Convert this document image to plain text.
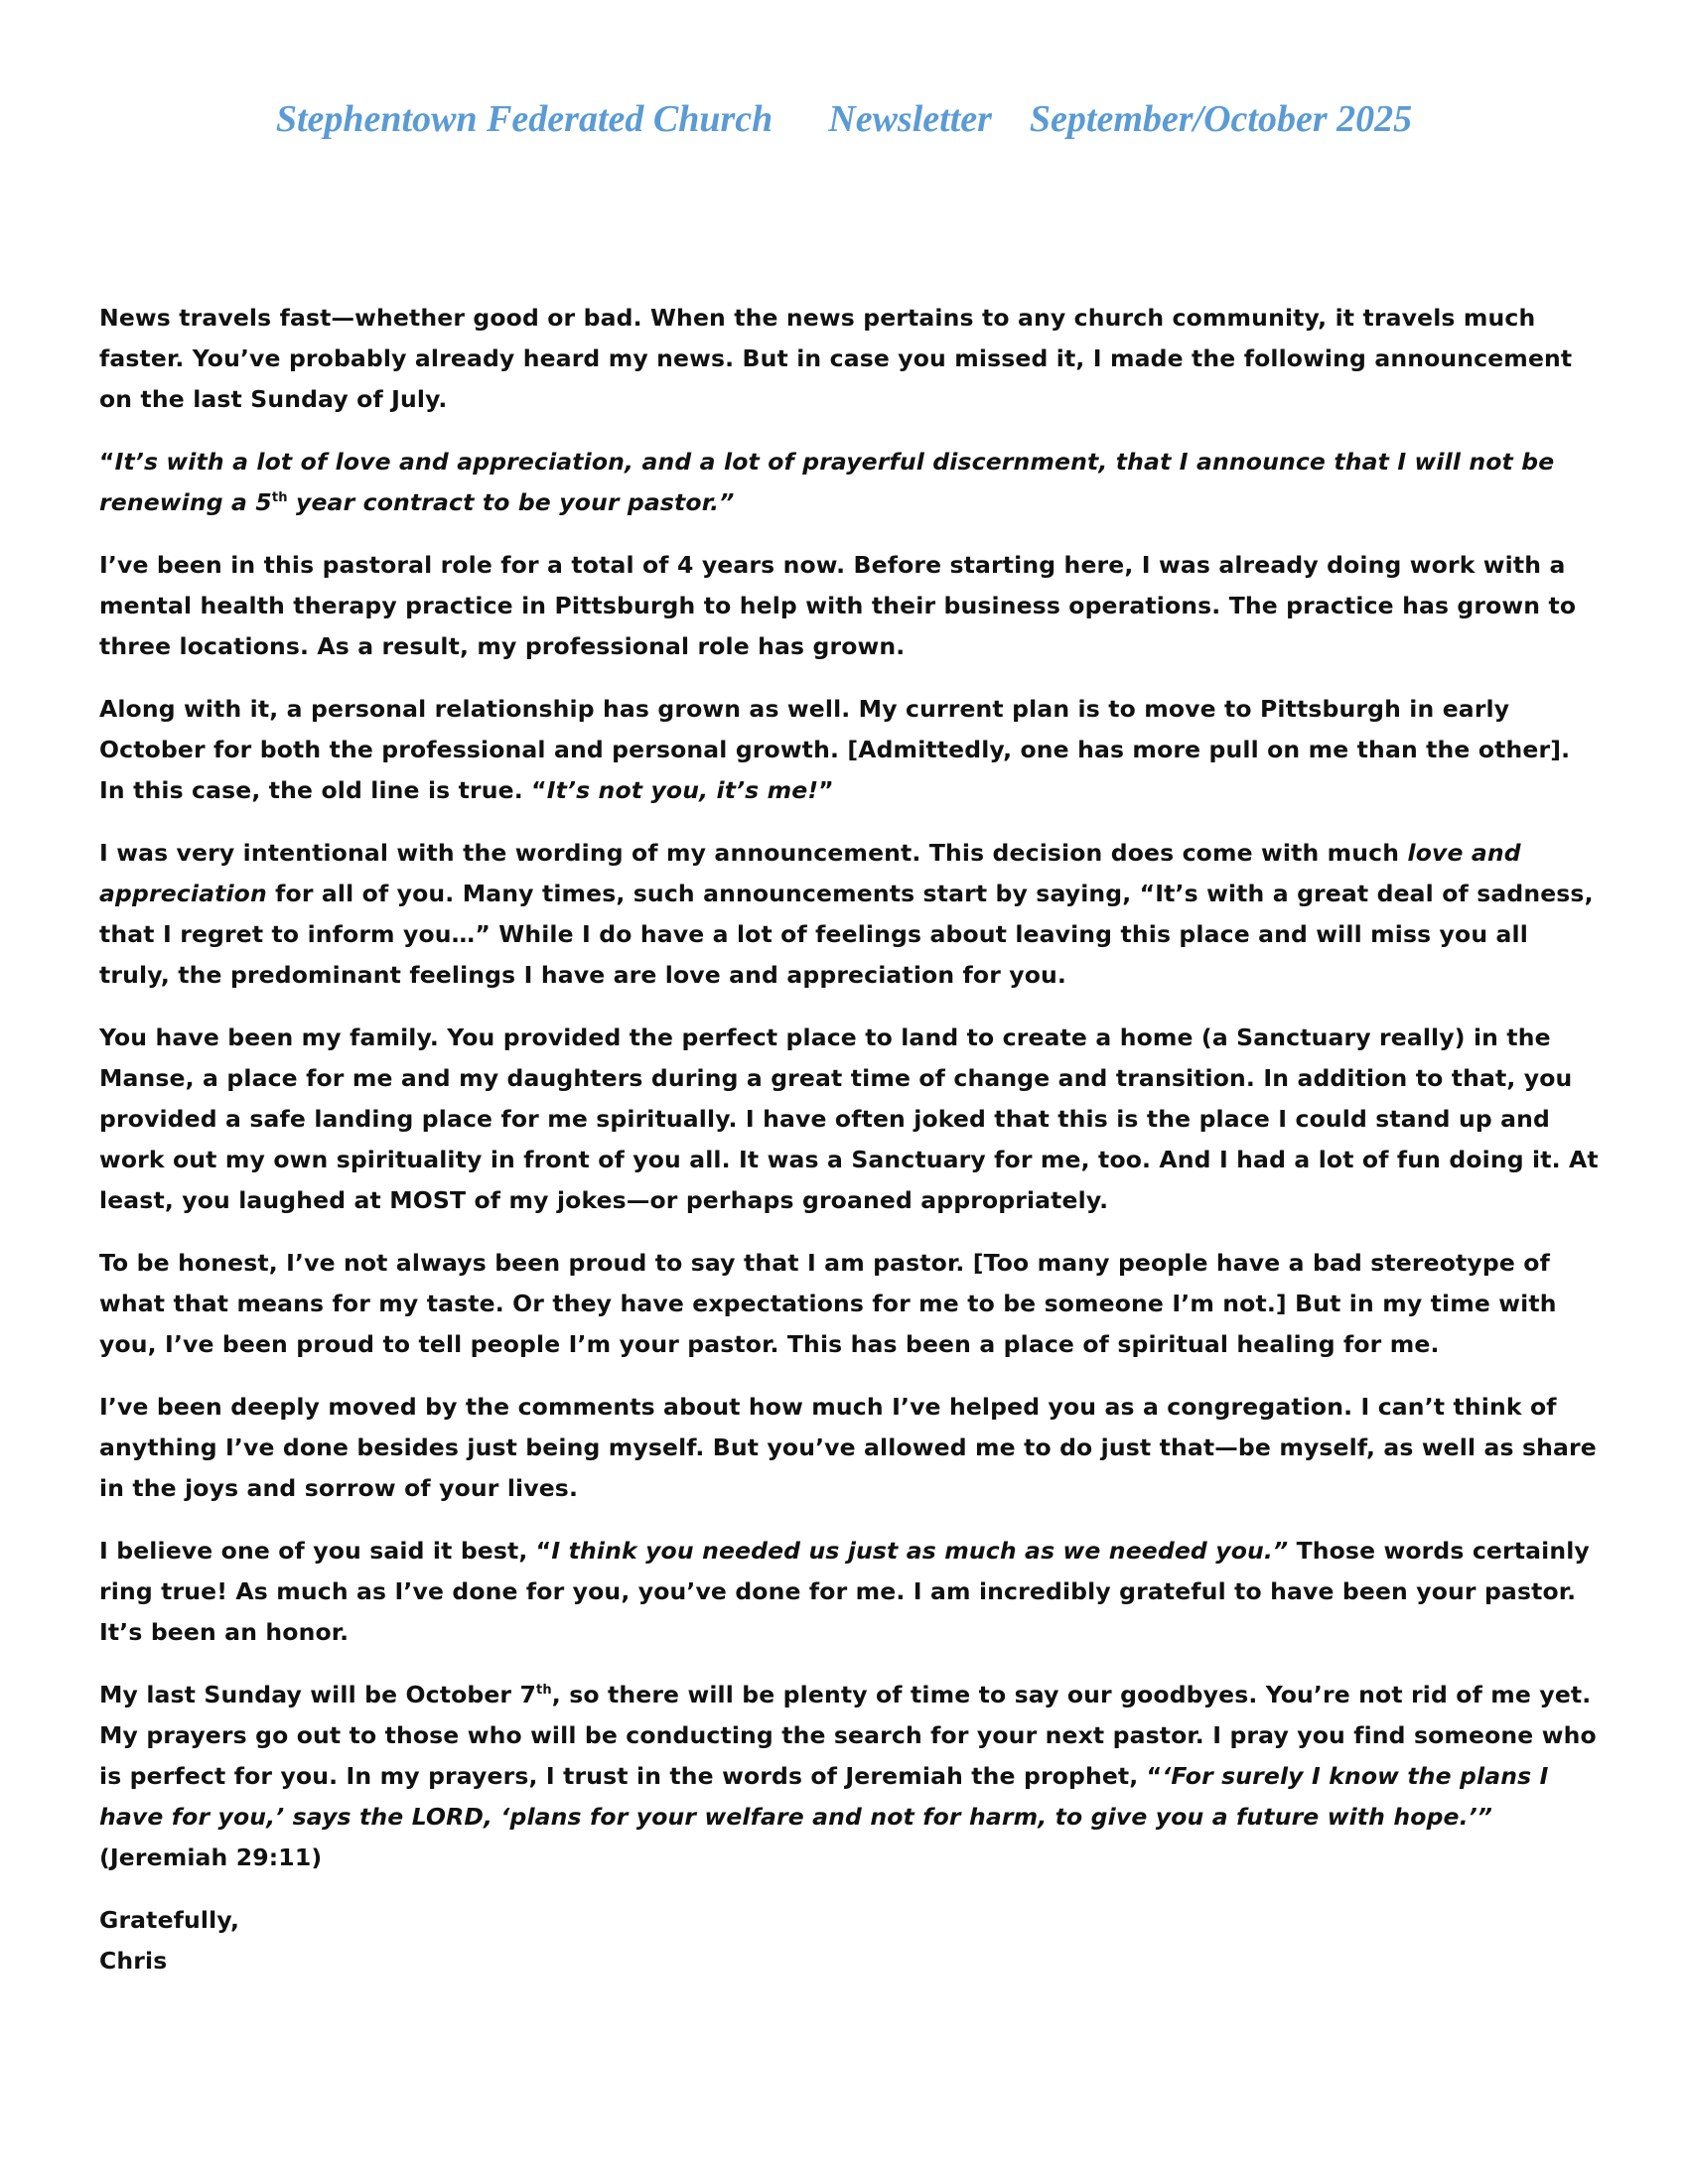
Stephentown Federated Church Newsletter September/October 2025

News travels fast—whether good or bad. When the news pertains to any church community, it travels much faster. You’ve probably already heard my news. But in case you missed it, I made the following announcement on the last Sunday of July.

“It’s with a lot of love and appreciation, and a lot of prayerful discernment, that I announce that I will not be renewing a 5th year contract to be your pastor.”

I’ve been in this pastoral role for a total of 4 years now. Before starting here, I was already doing work with a mental health therapy practice in Pittsburgh to help with their business operations. The practice has grown to three locations. As a result, my professional role has grown.

Along with it, a personal relationship has grown as well. My current plan is to move to Pittsburgh in early October for both the professional and personal growth. [Admittedly, one has more pull on me than the other]. In this case, the old line is true. “It’s not you, it’s me!”

I was very intentional with the wording of my announcement. This decision does come with much love and appreciation for all of you. Many times, such announcements start by saying, “It’s with a great deal of sadness, that I regret to inform you…” While I do have a lot of feelings about leaving this place and will miss you all truly, the predominant feelings I have are love and appreciation for you.

You have been my family. You provided the perfect place to land to create a home (a Sanctuary really) in the Manse, a place for me and my daughters during a great time of change and transition. In addition to that, you provided a safe landing place for me spiritually. I have often joked that this is the place I could stand up and work out my own spirituality in front of you all. It was a Sanctuary for me, too. And I had a lot of fun doing it. At least, you laughed at MOST of my jokes—or perhaps groaned appropriately.

To be honest, I’ve not always been proud to say that I am pastor. [Too many people have a bad stereotype of what that means for my taste. Or they have expectations for me to be someone I’m not.] But in my time with you, I’ve been proud to tell people I’m your pastor. This has been a place of spiritual healing for me.

I’ve been deeply moved by the comments about how much I’ve helped you as a congregation. I can’t think of anything I’ve done besides just being myself. But you’ve allowed me to do just that—be myself, as well as share in the joys and sorrow of your lives.

I believe one of you said it best, “I think you needed us just as much as we needed you.” Those words certainly ring true! As much as I’ve done for you, you’ve done for me. I am incredibly grateful to have been your pastor. It’s been an honor.

My last Sunday will be October 7th, so there will be plenty of time to say our goodbyes. You’re not rid of me yet. My prayers go out to those who will be conducting the search for your next pastor. I pray you find someone who is perfect for you. In my prayers, I trust in the words of Jeremiah the prophet, “‘For surely I know the plans I have for you,’ says the LORD, ‘plans for your welfare and not for harm, to give you a future with hope.’” (Jeremiah 29:11)

Gratefully,

Chris
